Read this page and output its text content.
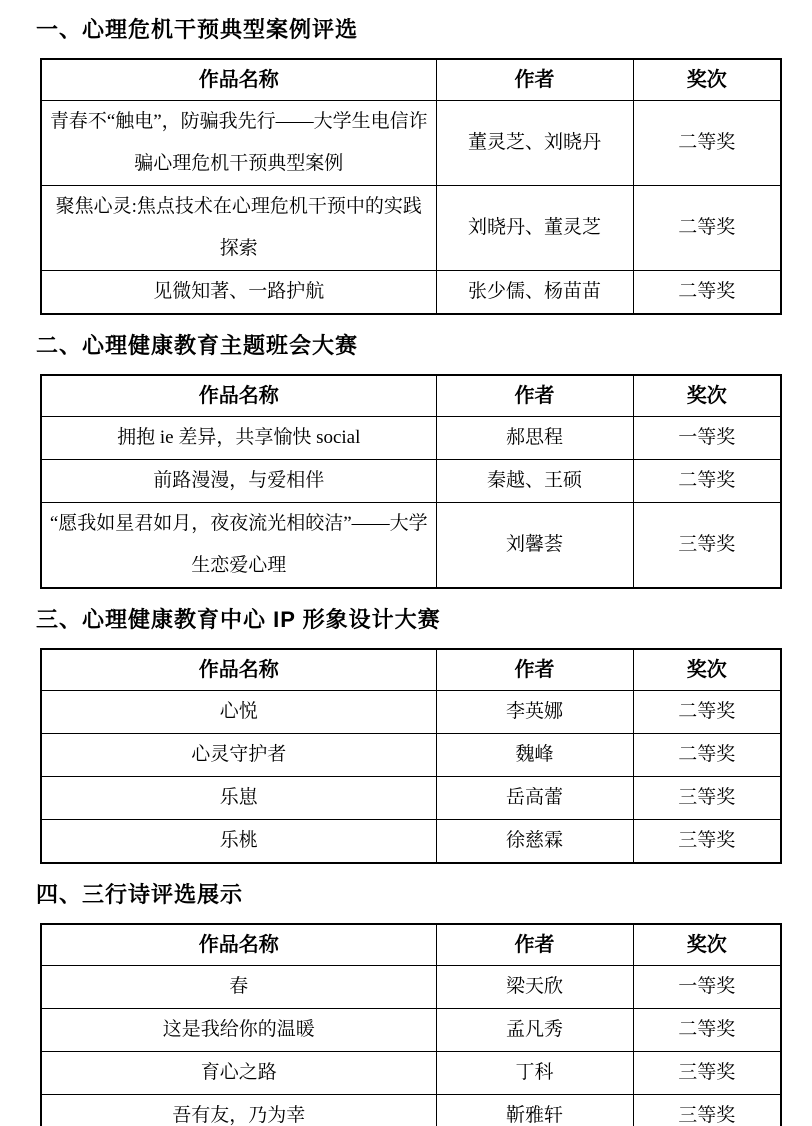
一、心理危机干预典型案例评选
作品名称	作者	奖次
青春不“触电”，防骗我先行——大学生电信诈骗心理危机干预典型案例	董灵芝、刘晓丹	二等奖
聚焦心灵:焦点技术在心理危机干预中的实践探索	刘晓丹、董灵芝	二等奖
见微知著、一路护航	张少儒、杨苗苗	二等奖
二、心理健康教育主题班会大赛
作品名称	作者	奖次
拥抱 ie 差异，共享愉快 social	郝思程	一等奖
前路漫漫，与爱相伴	秦越、王硕	二等奖
“愿我如星君如月，夜夜流光相皎洁”——大学生恋爱心理	刘馨荟	三等奖
三、心理健康教育中心 IP 形象设计大赛
作品名称	作者	奖次
心悦	李英娜	二等奖
心灵守护者	魏峰	二等奖
乐崽	岳高蕾	三等奖
乐桃	徐慈霖	三等奖
四、三行诗评选展示
作品名称	作者	奖次
春	梁天欣	一等奖
这是我给你的温暖	孟凡秀	二等奖
育心之路	丁科	三等奖
吾有友，乃为幸	靳雅轩	三等奖
